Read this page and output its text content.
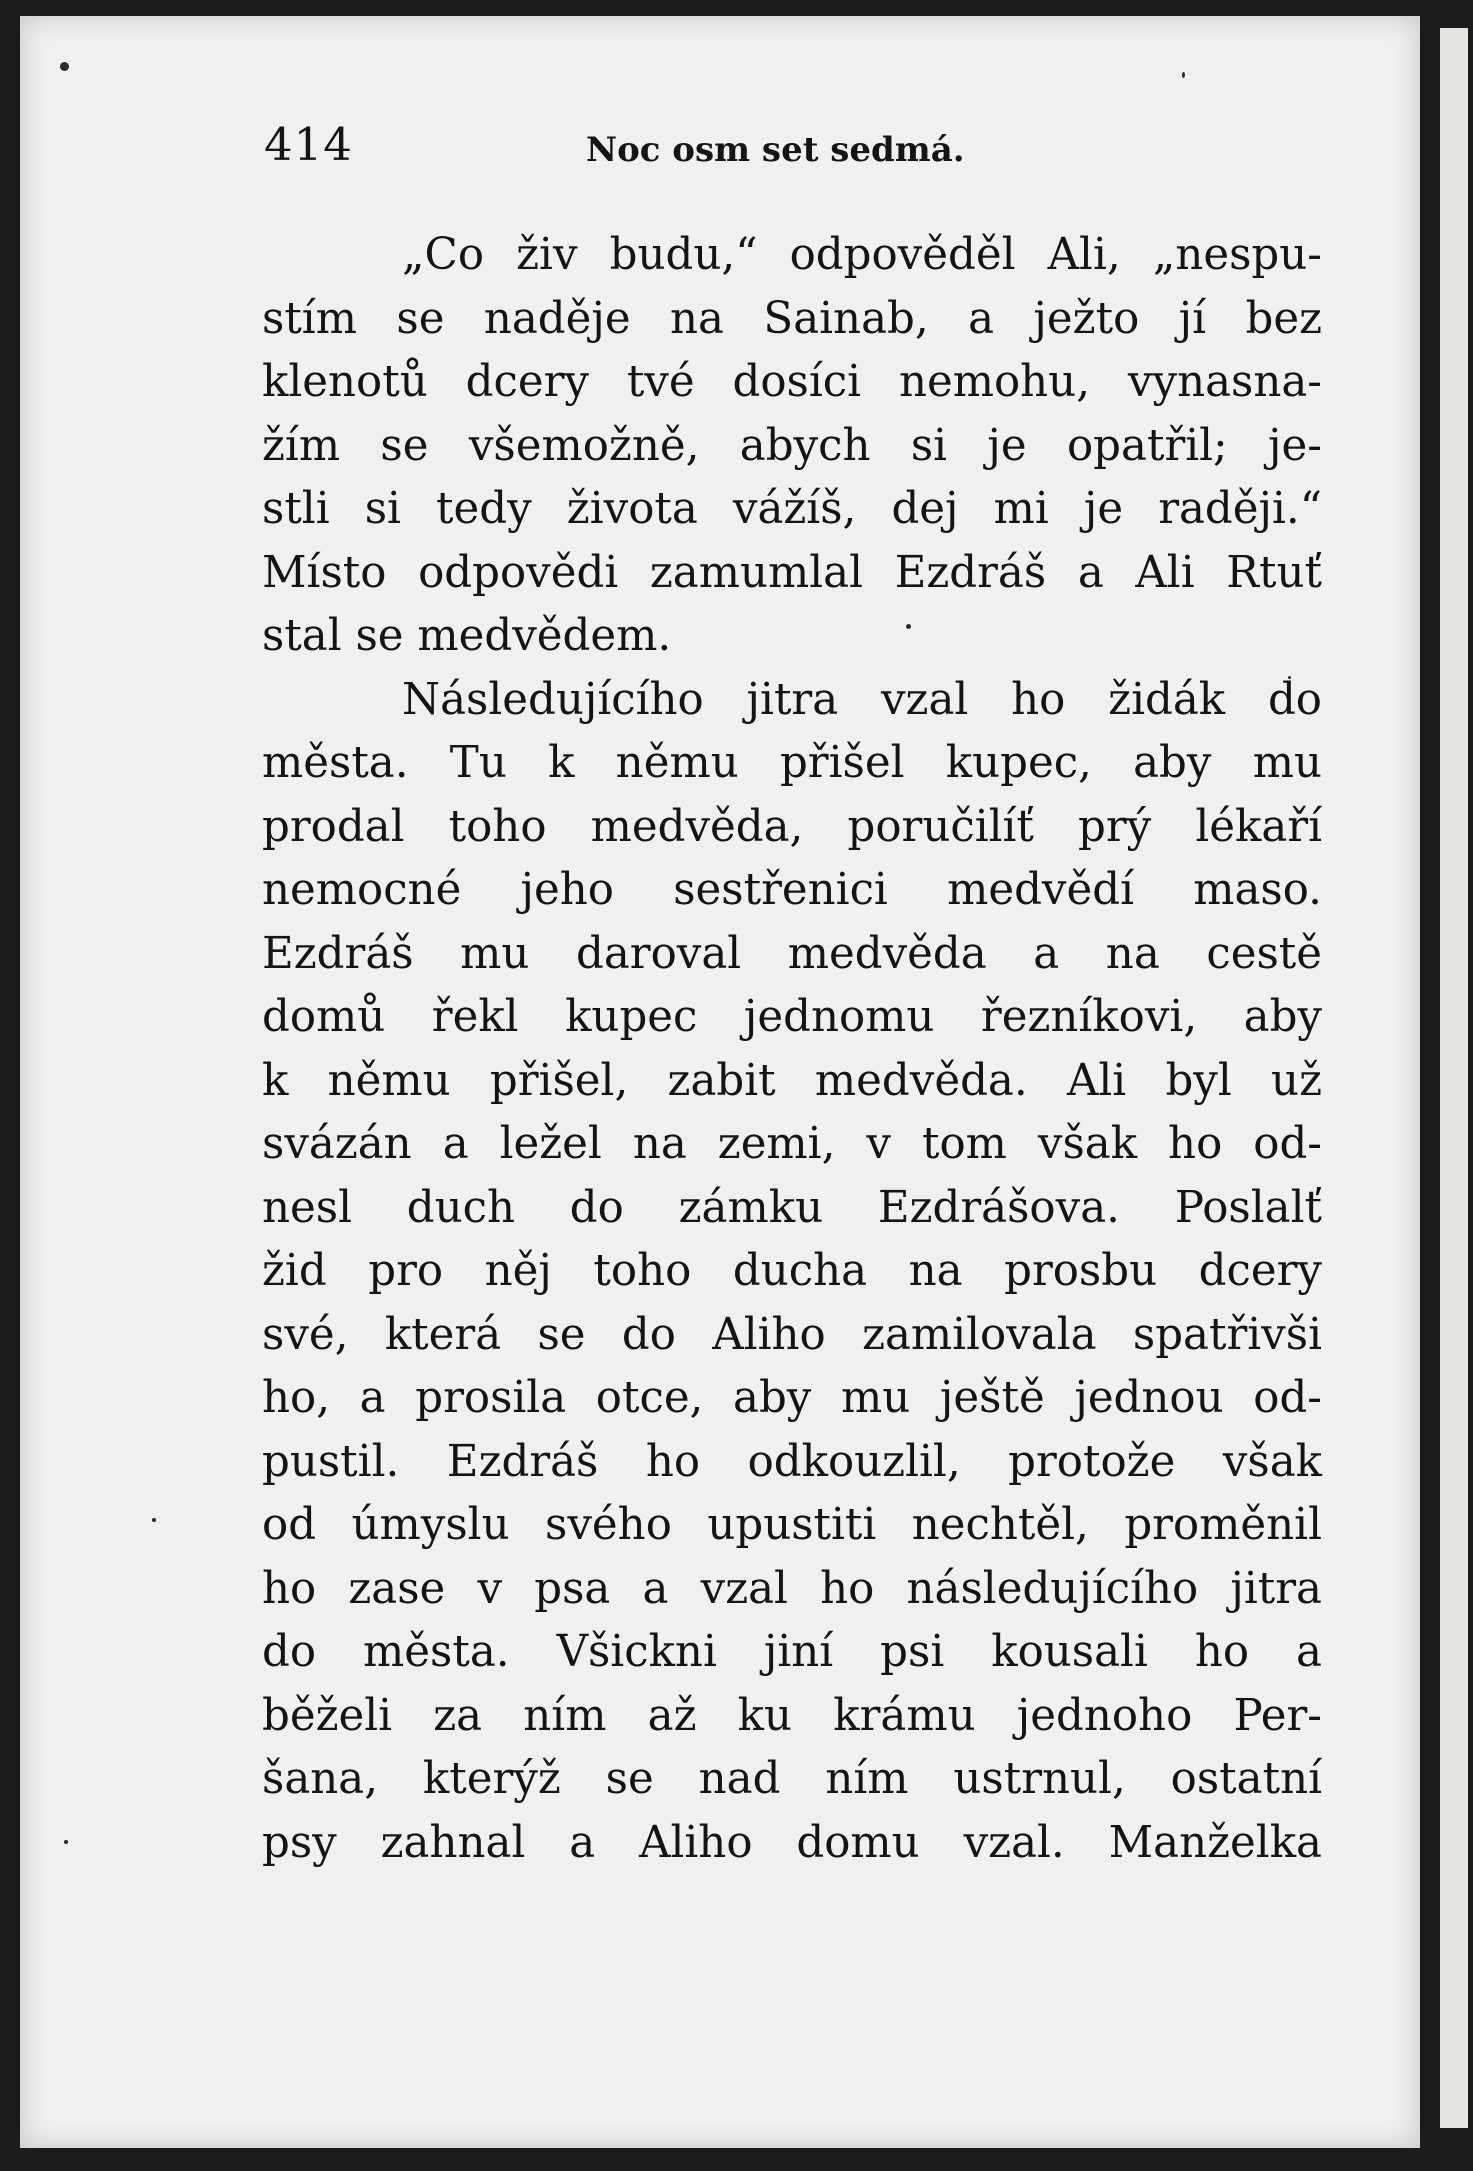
414	Noc osm set sedmá.
„Co živ budu,“ odpověděl Ali, „nespu-
stím se naděje na Sainab, a ježto jí bez
klenotů dcery tvé dosíci nemohu, vynasna-
žím se všemožně, abych si je opatřil; je-
stli si tedy života vážíš, dej mi je raději.“
Místo odpovědi zamumlal Ezdráš a Ali Rtuť
stal se medvědem.
Následujícího jitra vzal ho židák do
města. Tu k němu přišel kupec, aby mu
prodal toho medvěda, poručilíť prý lékaří
nemocné jeho sestřenici medvědí maso.
Ezdráš mu daroval medvěda a na cestě
domů řekl kupec jednomu řezníkovi, aby
k němu přišel, zabit medvěda. Ali byl už
svázán a ležel na zemi, v tom však ho od-
nesl duch do zámku Ezdrášova. Poslalť
žid pro něj toho ducha na prosbu dcery
své, která se do Aliho zamilovala spatřivši
ho, a prosila otce, aby mu ještě jednou od-
pustil. Ezdráš ho odkouzlil, protože však
od úmyslu svého upustiti nechtěl, proměnil
ho zase v psa a vzal ho následujícího jitra
do města. Všickni jiní psi kousali ho a
běželi za ním až ku krámu jednoho Per-
šana, kterýž se nad ním ustrnul, ostatní
psy zahnal a Aliho domu vzal. Manželka
